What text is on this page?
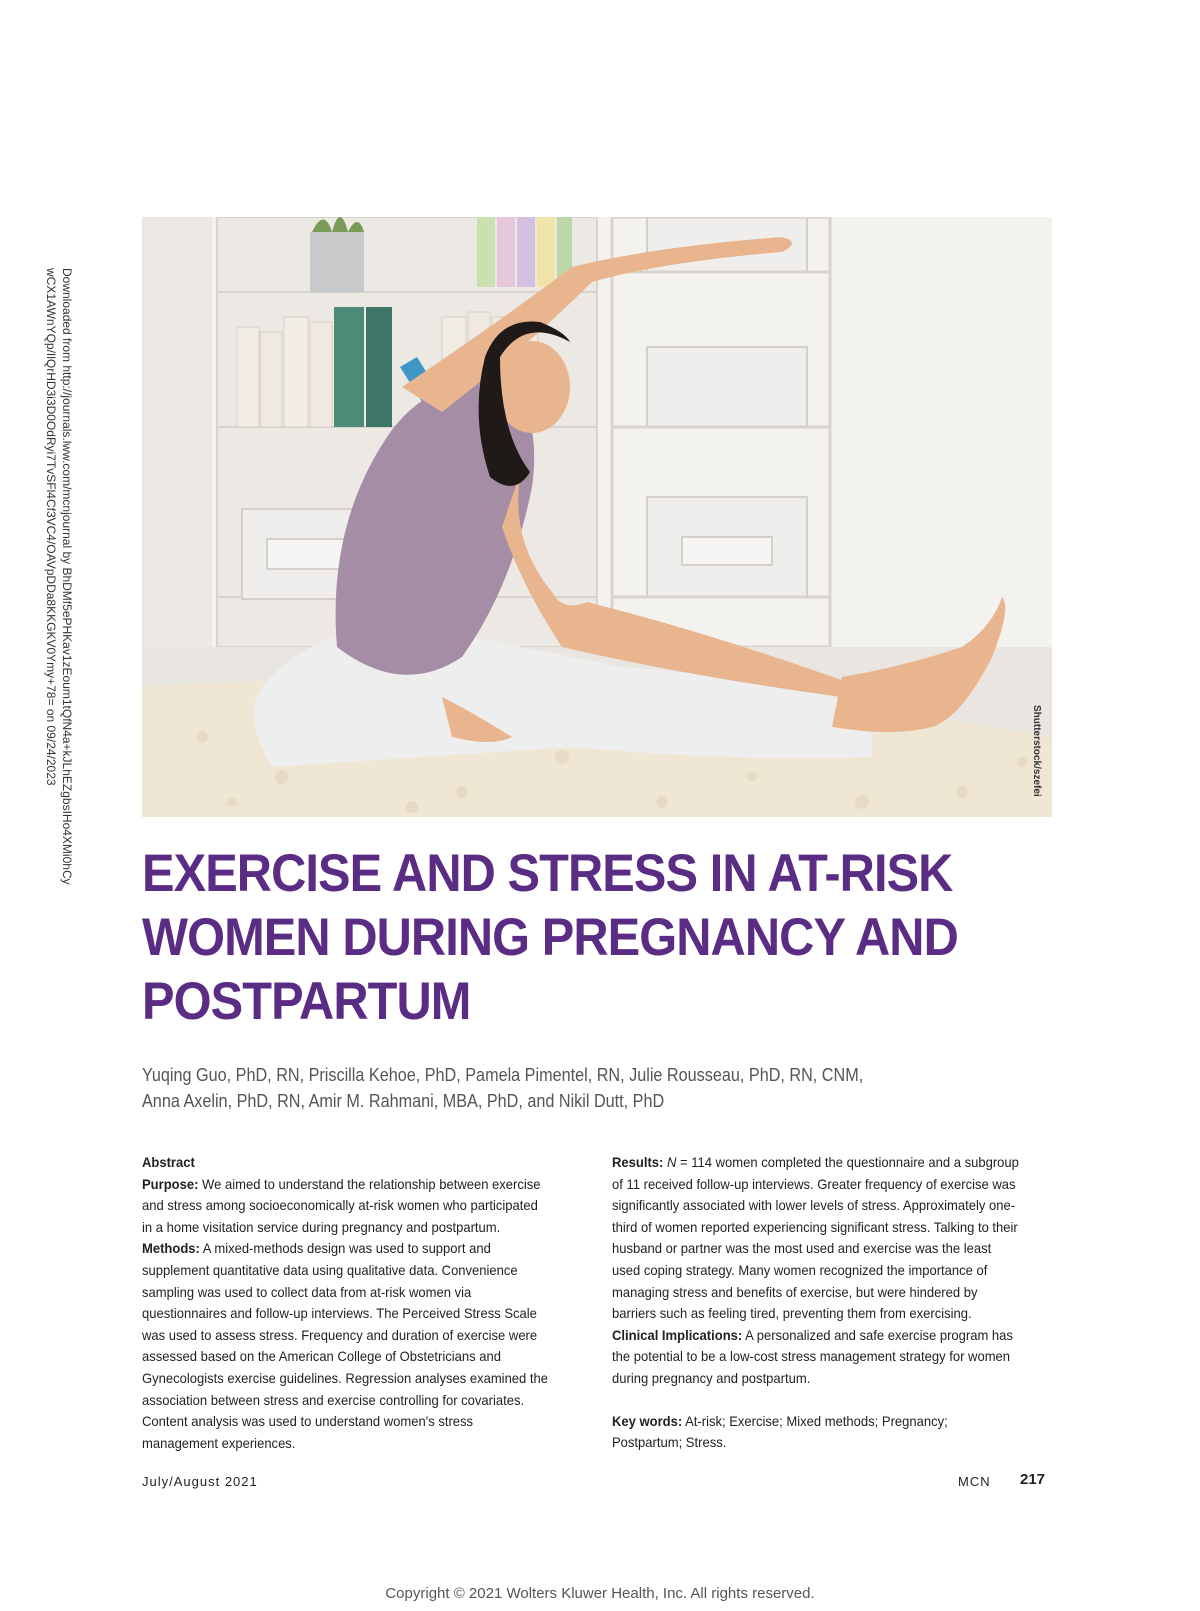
Downloaded from http://journals.lww.com/mcnjournal by BhDMf5ePHKav1zEoum1tQfN4a+kJLhEZgbsIHo4XMi0hCy
wCX1AWnYQp/IlQrHD3i3D0OdRyi7TvSFl4Cf3VC4/OAVpDDa8KKGKV0Ymy+78= on 09/24/2023	Shutterstock/szefei
EXERCISE AND STRESS IN AT-RISK WOMEN DURING PREGNANCY AND POSTPARTUM
Yuqing Guo, PhD, RN, Priscilla Kehoe, PhD, Pamela Pimentel, RN, Julie Rousseau, PhD, RN, CNM,
Anna Axelin, PhD, RN, Amir M. Rahmani, MBA, PhD, and Nikil Dutt, PhD

Abstract

Purpose: We aimed to understand the relationship between exercise and stress among socioeconomically at-risk women who participated in a home visitation service during pregnancy and postpartum.

Methods: A mixed-methods design was used to support and supplement quantitative data using qualitative data. Convenience sampling was used to collect data from at-risk women via questionnaires and follow-up interviews. The Perceived Stress Scale was used to assess stress. Frequency and duration of exercise were assessed based on the American College of Obstetricians and Gynecologists exercise guidelines. Regression analyses examined the association between stress and exercise controlling for covariates. Content analysis was used to understand women's stress management experiences.

Results: N = 114 women completed the questionnaire and a subgroup of 11 received follow-up interviews. Greater frequency of exercise was significantly associated with lower levels of stress. Approximately one-third of women reported experiencing significant stress. Talking to their husband or partner was the most used and exercise was the least used coping strategy. Many women recognized the importance of managing stress and benefits of exercise, but were hindered by barriers such as feeling tired, preventing them from exercising.

Clinical Implications: A personalized and safe exercise program has the potential to be a low-cost stress management strategy for women during pregnancy and postpartum.

Key words: At-risk; Exercise; Mixed methods; Pregnancy; Postpartum; Stress.

July/August 2021	MCN 217
Copyright © 2021 Wolters Kluwer Health, Inc. All rights reserved.
